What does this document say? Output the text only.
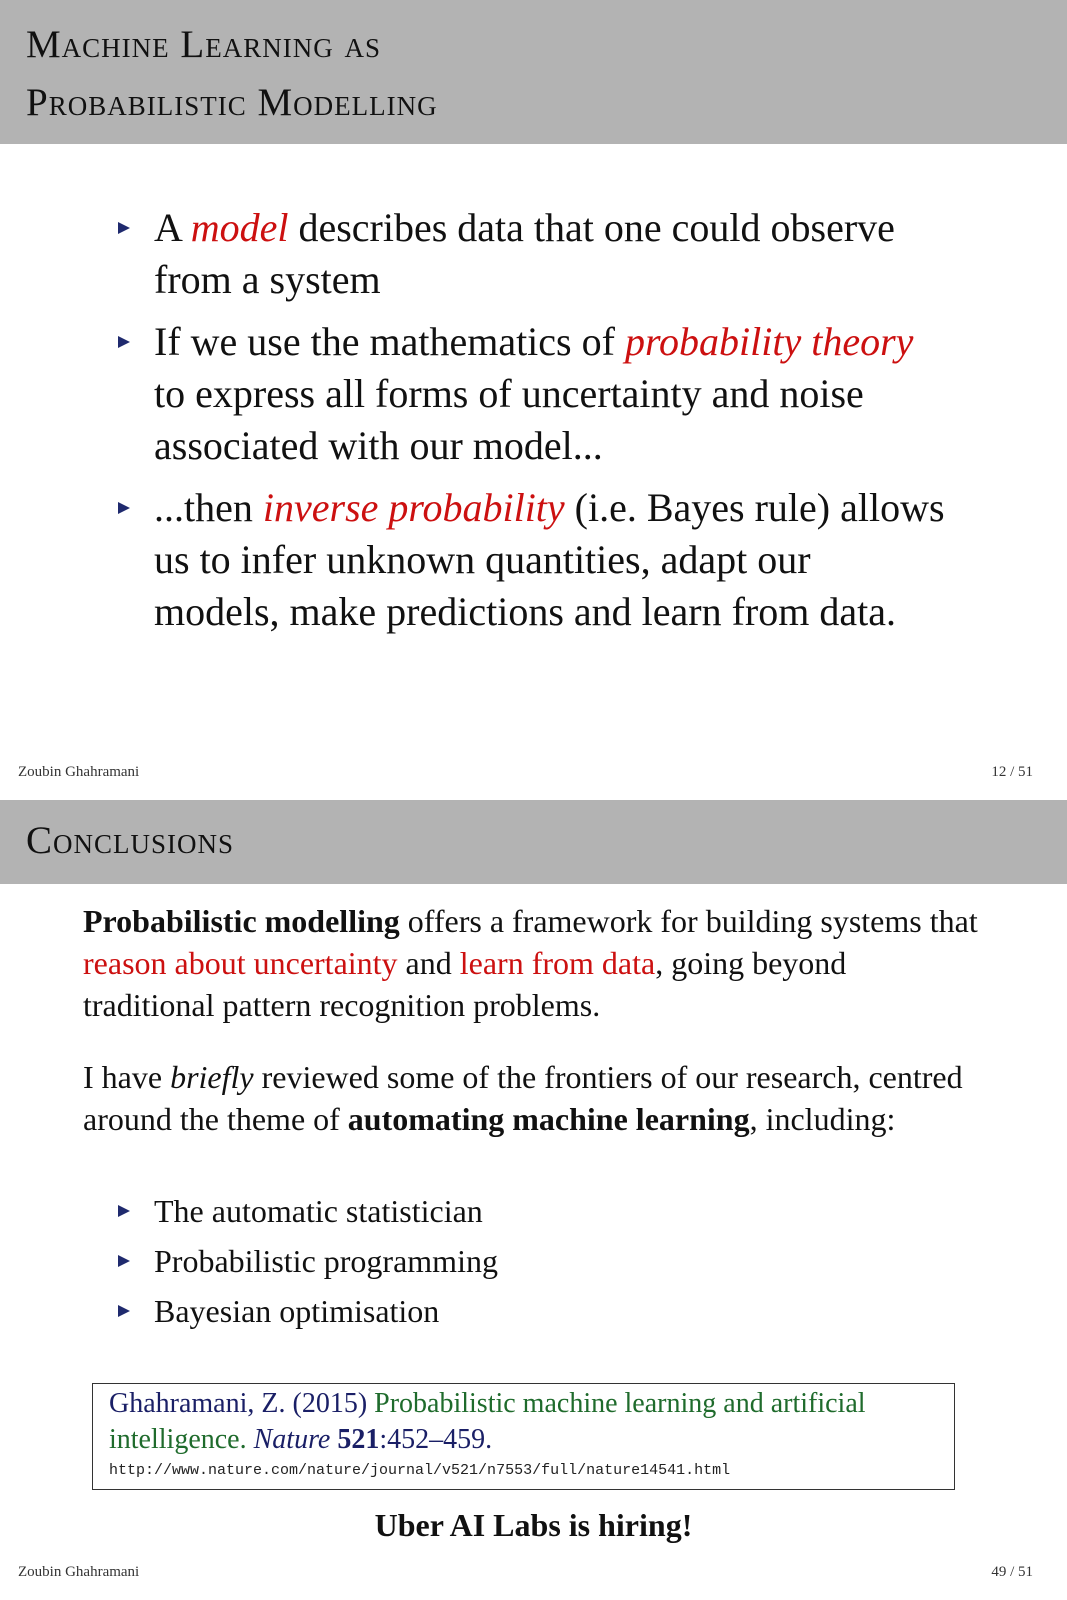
Machine Learning as
Probabilistic Modelling
A model describes data that one could observe from a system
If we use the mathematics of probability theory to express all forms of uncertainty and noise associated with our model...
...then inverse probability (i.e. Bayes rule) allows us to infer unknown quantities, adapt our models, make predictions and learn from data.
Zoubin Ghahramani	12 / 51
Conclusions
Probabilistic modelling offers a framework for building systems that reason about uncertainty and learn from data, going beyond traditional pattern recognition problems.
I have briefly reviewed some of the frontiers of our research, centred around the theme of automating machine learning, including:
The automatic statistician
Probabilistic programming
Bayesian optimisation
Ghahramani, Z. (2015) Probabilistic machine learning and artificial intelligence. Nature 521:452–459.
http://www.nature.com/nature/journal/v521/n7553/full/nature14541.html
Uber AI Labs is hiring!
Zoubin Ghahramani	49 / 51
